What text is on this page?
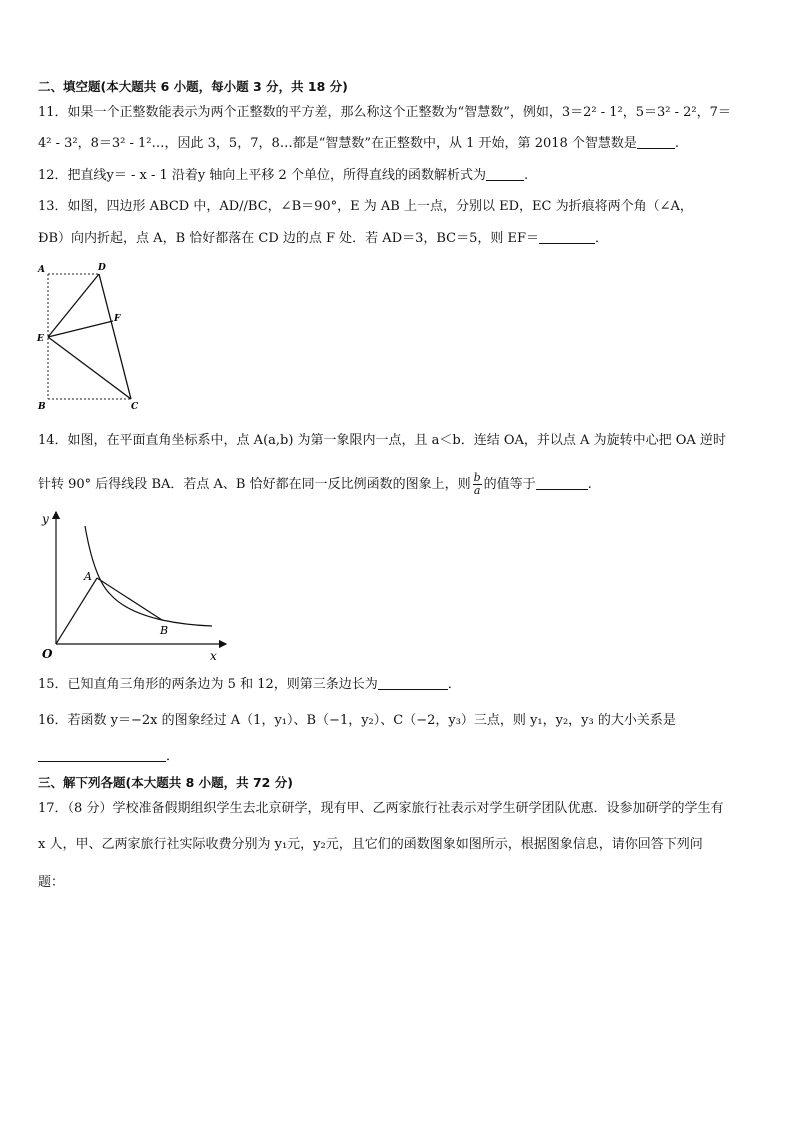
二、填空题(本大题共 6 小题，每小题 3 分，共 18 分)
11．如果一个正整数能表示为两个正整数的平方差，那么称这个正整数为“智慧数”，例如，3＝2² - 1²，5＝3² - 2²，7＝
4² - 3²，8＝3² - 1²…，因此 3，5，7，8…都是“智慧数”在正整数中，从 1 开始，第 2018 个智慧数是	.
12．把直线y＝ - x - 1 沿着y 轴向上平移 2 个单位，所得直线的函数解析式为	.
13．如图，四边形 ABCD 中，AD//BC，∠B＝90°，E 为 AB 上一点，分别以 ED，EC 为折痕将两个角（∠A，
ÐB）向内折起，点 A，B 恰好都落在 CD 边的点 F 处．若 AD＝3，BC＝5，则 EF＝	．
A	D
F
E
B	C
14．如图，在平面直角坐标系中，点 A(a,b) 为第一象限内一点，且 a＜b．连结 OA，并以点 A 为旋转中心把 OA 逆时
针转 90° 后得线段 BA．若点 A、B 恰好都在同一反比例函数的图象上，则 $\frac{b}{a}$ 的值等于	.
y
A
B
O	x
15．已知直角三角形的两条边为 5 和 12，则第三条边长为	．
16．若函数 y＝−2x 的图象经过 A（1，y₁）、B（−1，y₂）、C（−2，y₃）三点，则 y₁，y₂，y₃ 的大小关系是
．
三、解下列各题(本大题共 8 小题，共 72 分)
17．（8 分）学校准备假期组织学生去北京研学，现有甲、乙两家旅行社表示对学生研学团队优惠．设参加研学的学生有
x 人，甲、乙两家旅行社实际收费分别为 y₁元，y₂元，且它们的函数图象如图所示，根据图象信息，请你回答下列问
题：
